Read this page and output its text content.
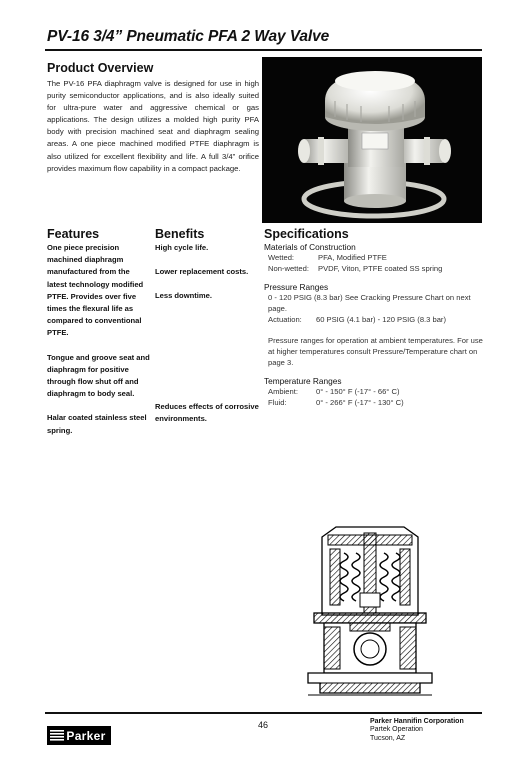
PV-16 3/4” Pneumatic PFA 2 Way Valve
Product Overview
The PV-16 PFA diaphragm valve is designed for use in high purity semiconductor applications, and is also ideally suited for ultra-pure water and aggressive chemical or gas applications. The design utilizes a molded high purity PFA body with precision machined seat and diaphragm sealing areas. A one piece machined modified PTFE diaphragm is also utilized for excellent flexibility and life. A full 3/4” orifice provides maximum flow capability in a compact package.
Features

One piece precision machined diaphragm manufactured from the latest technology modified PTFE. Provides over five times the flexural life as compared to conventional PTFE.

Tongue and groove seat and diaphragm for positive through flow shut off and diaphragm to body seal.

Halar coated stainless steel spring.

Benefits

High cycle life.

Lower replacement costs.

Less downtime.

Reduces effects of corrosive environments.

Specifications
Materials of Construction
Wetted:	PFA, Modified PTFE
Non-wetted:	PVDF, Viton, PTFE coated SS spring
Pressure Ranges
0 - 120 PSIG (8.3 bar) See Cracking Pressure Chart on next page.
Actuation:	60 PSIG (4.1 bar) - 120 PSIG (8.3 bar)
Pressure ranges for operation at ambient temperatures. For use at higher temperatures consult Pressure/Temperature chart on page 3.
Temperature Ranges
Ambient:	0° - 150° F (-17° - 66° C)
Fluid:	0° - 266° F (-17° - 130° C)
Parker
46	Parker Hannifin Corporation
Partek Operation
Tucson, AZ
